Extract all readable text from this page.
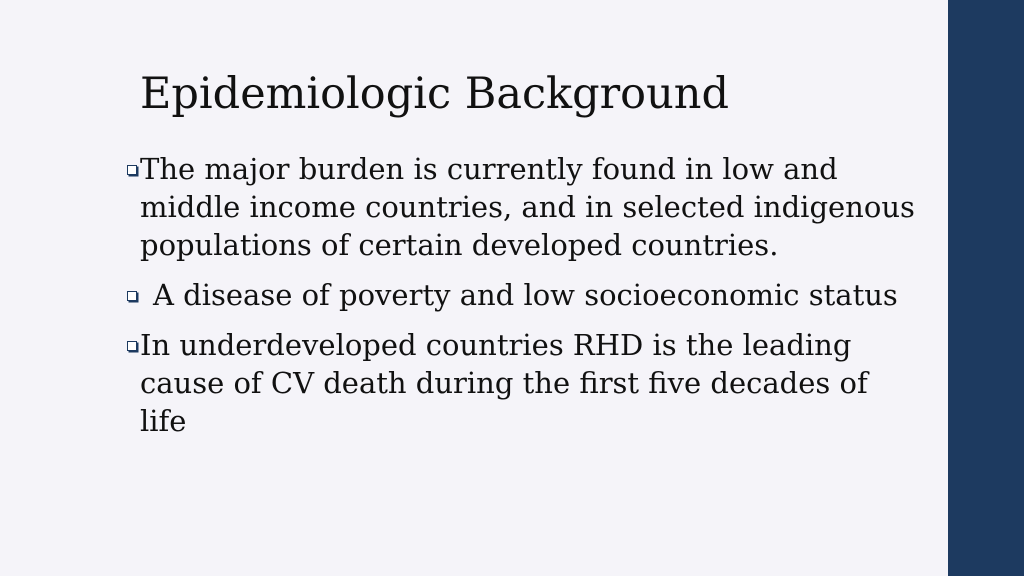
Epidemiologic Background
The major burden is currently found in low and middle income countries, and in selected indigenous populations of certain developed countries.
A disease of poverty and low socioeconomic status
In underdeveloped countries RHD is the leading cause of CV death during the first five decades of life
